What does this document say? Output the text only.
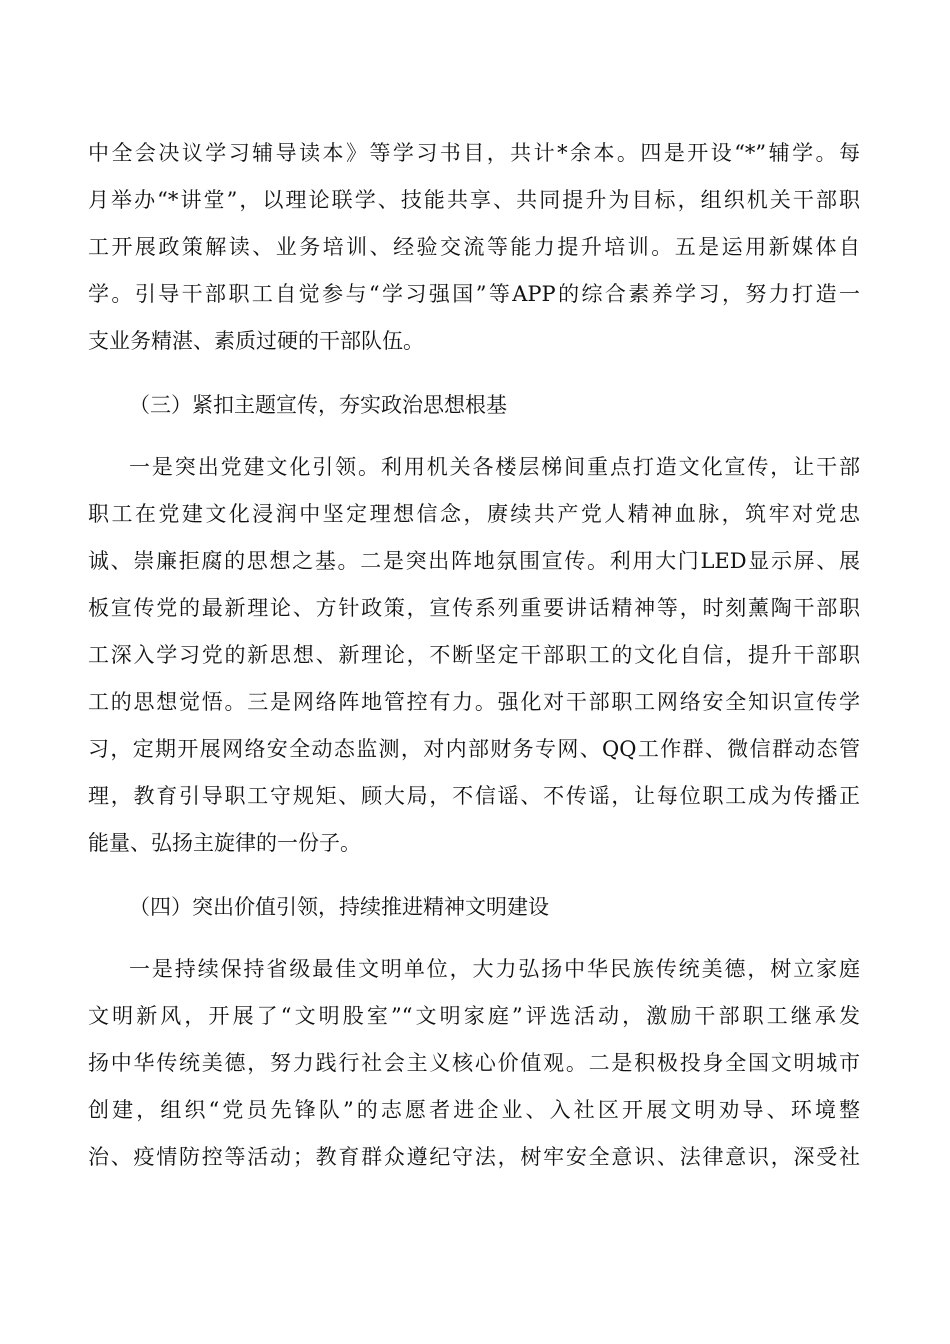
中全会决议学习辅导读本》等学习书目，共计*余本。四是开设“*”辅学。每
月举办“*讲堂”，以理论联学、技能共享、共同提升为目标，组织机关干部职
工开展政策解读、业务培训、经验交流等能力提升培训。五是运用新媒体自
学。引导干部职工自觉参与“学习强国”等APP的综合素养学习，努力打造一
支业务精湛、素质过硬的干部队伍。
（三）紧扣主题宣传，夯实政治思想根基
一是突出党建文化引领。利用机关各楼层梯间重点打造文化宣传，让干部
职工在党建文化浸润中坚定理想信念，赓续共产党人精神血脉，筑牢对党忠
诚、崇廉拒腐的思想之基。二是突出阵地氛围宣传。利用大门LED显示屏、展
板宣传党的最新理论、方针政策，宣传系列重要讲话精神等，时刻薰陶干部职
工深入学习党的新思想、新理论，不断坚定干部职工的文化自信，提升干部职
工的思想觉悟。三是网络阵地管控有力。强化对干部职工网络安全知识宣传学
习，定期开展网络安全动态监测，对内部财务专网、QQ工作群、微信群动态管
理，教育引导职工守规矩、顾大局，不信谣、不传谣，让每位职工成为传播正
能量、弘扬主旋律的一份子。
（四）突出价值引领，持续推进精神文明建设
一是持续保持省级最佳文明单位，大力弘扬中华民族传统美德，树立家庭
文明新风，开展了“文明股室”“文明家庭”评选活动，激励干部职工继承发
扬中华传统美德，努力践行社会主义核心价值观。二是积极投身全国文明城市
创建，组织“党员先锋队”的志愿者进企业、入社区开展文明劝导、环境整
治、疫情防控等活动；教育群众遵纪守法，树牢安全意识、法律意识，深受社
